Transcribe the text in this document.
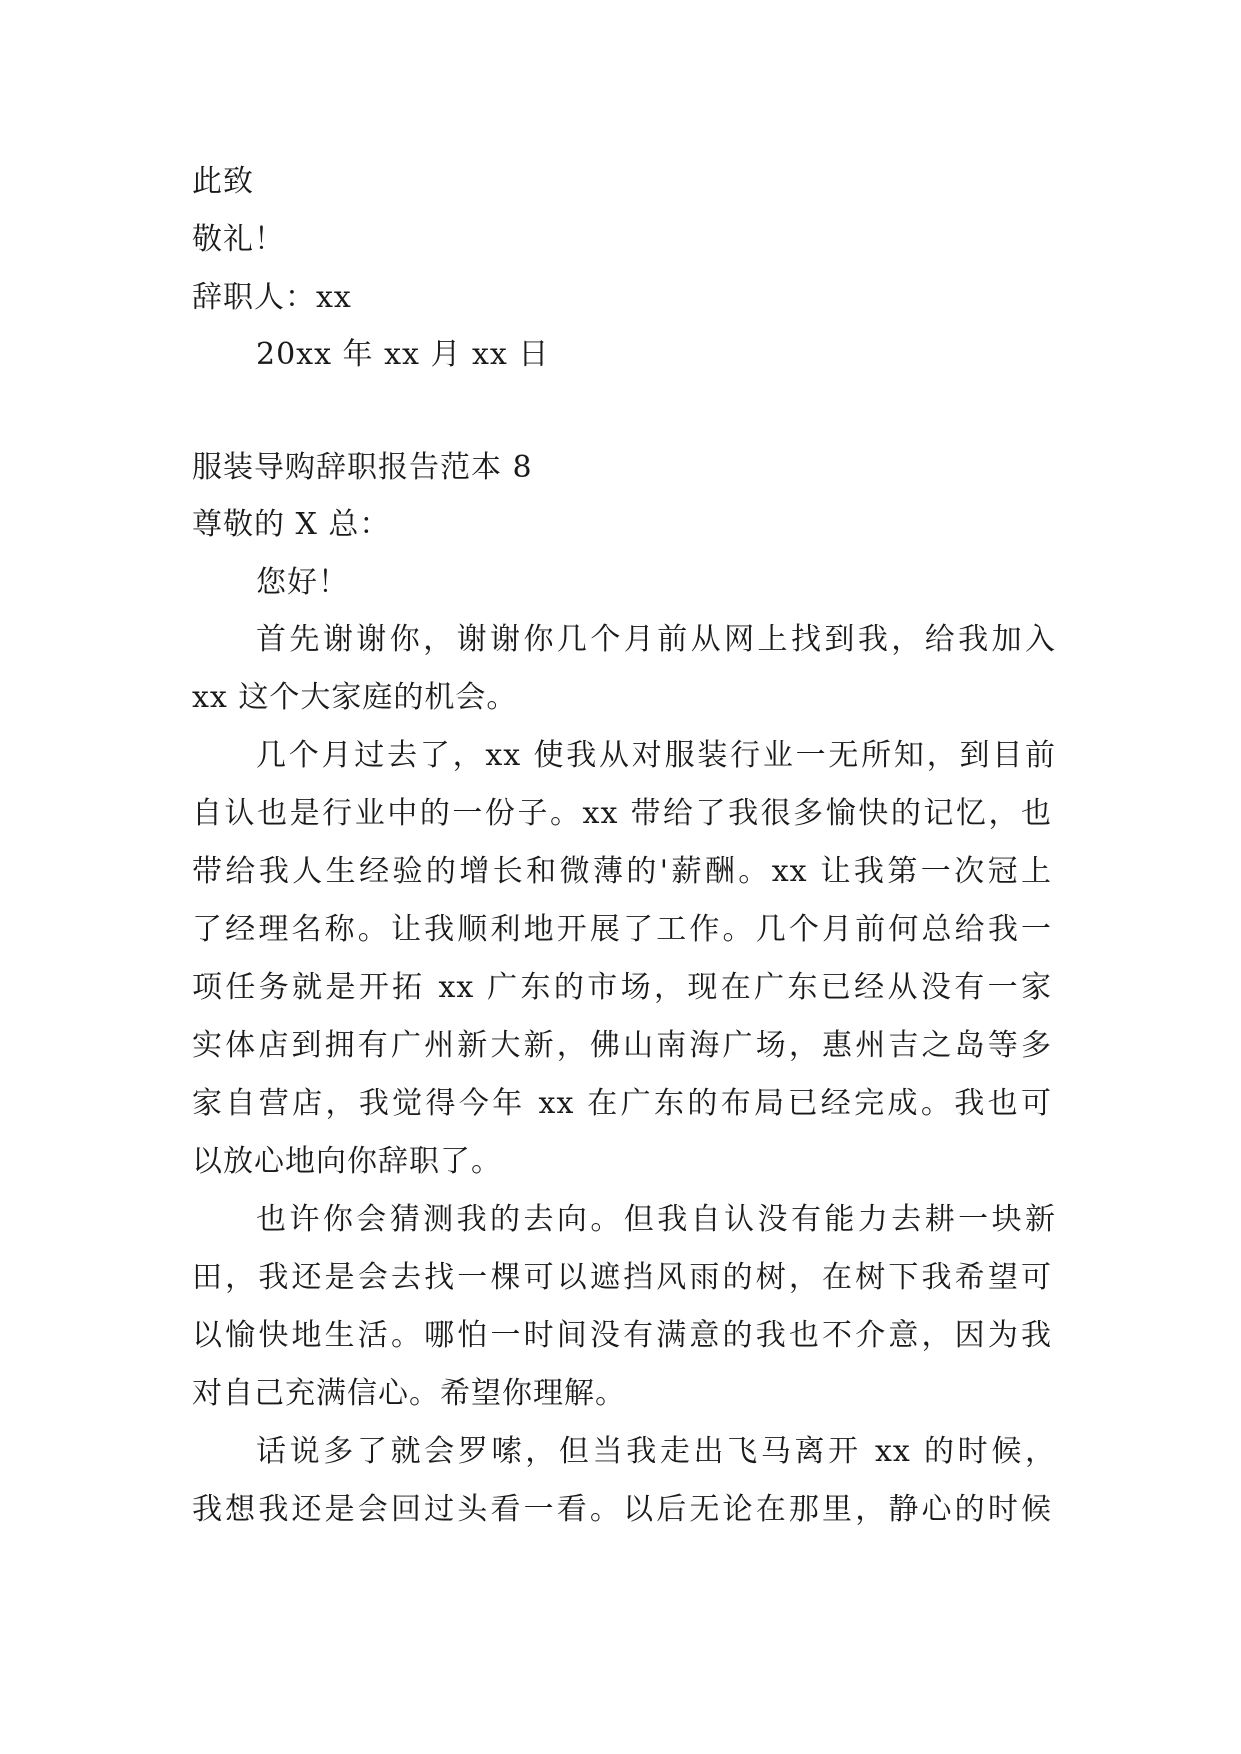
此致
敬礼！
辞职人：xx
20xx 年 xx 月 xx 日
服装导购辞职报告范本 8
尊敬的 X 总：
您好！
首先谢谢你，谢谢你几个月前从网上找到我，给我加入
xx 这个大家庭的机会。
几个月过去了，xx 使我从对服装行业一无所知，到目前
自认也是行业中的一份子。xx 带给了我很多愉快的记忆，也
带给我人生经验的增长和微薄的'薪酬。xx 让我第一次冠上
了经理名称。让我顺利地开展了工作。几个月前何总给我一
项任务就是开拓 xx 广东的市场，现在广东已经从没有一家
实体店到拥有广州新大新，佛山南海广场，惠州吉之岛等多
家自营店，我觉得今年 xx 在广东的布局已经完成。我也可
以放心地向你辞职了。
也许你会猜测我的去向。但我自认没有能力去耕一块新
田，我还是会去找一棵可以遮挡风雨的树，在树下我希望可
以愉快地生活。哪怕一时间没有满意的我也不介意，因为我
对自己充满信心。希望你理解。
话说多了就会罗嗦，但当我走出飞马离开 xx 的时候，
我想我还是会回过头看一看。以后无论在那里，静心的时候
